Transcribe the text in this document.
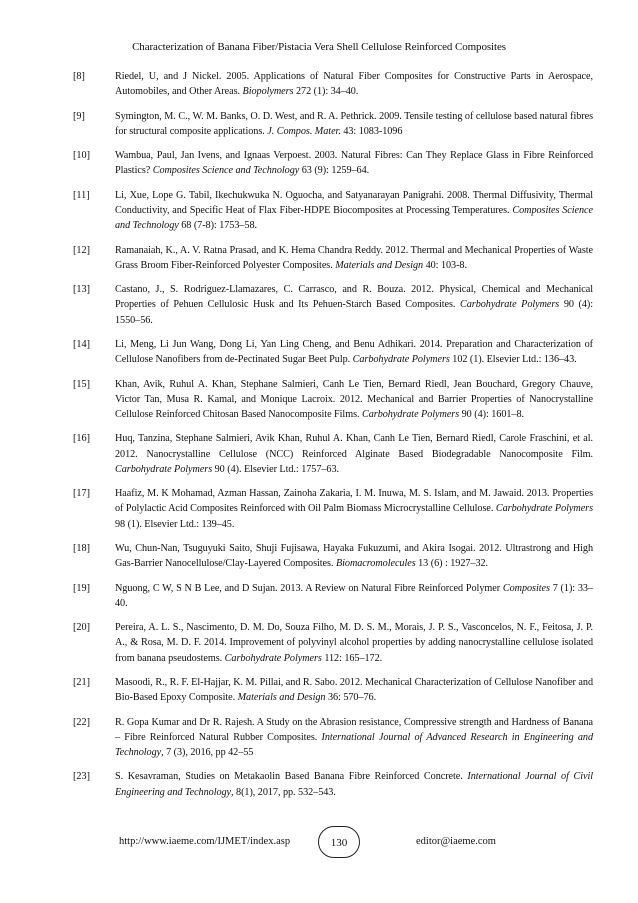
Characterization of Banana Fiber/Pistacia Vera Shell Cellulose Reinforced Composites
[8]	Riedel, U, and J Nickel. 2005. Applications of Natural Fiber Composites for Constructive Parts in Aerospace, Automobiles, and Other Areas. Biopolymers 272 (1): 34–40.
[9]	Symington, M. C., W. M. Banks, O. D. West, and R. A. Pethrick. 2009. Tensile testing of cellulose based natural fibres for structural composite applications. J. Compos. Mater. 43: 1083-1096
[10]	Wambua, Paul, Jan Ivens, and Ignaas Verpoest. 2003. Natural Fibres: Can They Replace Glass in Fibre Reinforced Plastics? Composites Science and Technology 63 (9): 1259–64.
[11]	Li, Xue, Lope G. Tabil, Ikechukwuka N. Oguocha, and Satyanarayan Panigrahi. 2008. Thermal Diffusivity, Thermal Conductivity, and Specific Heat of Flax Fiber-HDPE Biocomposites at Processing Temperatures. Composites Science and Technology 68 (7-8): 1753–58.
[12]	Ramanaiah, K., A. V. Ratna Prasad, and K. Hema Chandra Reddy. 2012. Thermal and Mechanical Properties of Waste Grass Broom Fiber-Reinforced Polyester Composites. Materials and Design 40: 103-8.
[13]	Castano, J., S. Rodriguez-Llamazares, C. Carrasco, and R. Bouza. 2012. Physical, Chemical and Mechanical Properties of Pehuen Cellulosic Husk and Its Pehuen-Starch Based Composites. Carbohydrate Polymers 90 (4): 1550–56.
[14]	Li, Meng, Li Jun Wang, Dong Li, Yan Ling Cheng, and Benu Adhikari. 2014. Preparation and Characterization of Cellulose Nanofibers from de-Pectinated Sugar Beet Pulp. Carbohydrate Polymers 102 (1). Elsevier Ltd.: 136–43.
[15]	Khan, Avik, Ruhul A. Khan, Stephane Salmieri, Canh Le Tien, Bernard Riedl, Jean Bouchard, Gregory Chauve, Victor Tan, Musa R. Kamal, and Monique Lacroix. 2012. Mechanical and Barrier Properties of Nanocrystalline Cellulose Reinforced Chitosan Based Nanocomposite Films. Carbohydrate Polymers 90 (4): 1601–8.
[16]	Huq, Tanzina, Stephane Salmieri, Avik Khan, Ruhul A. Khan, Canh Le Tien, Bernard Riedl, Carole Fraschini, et al. 2012. Nanocrystalline Cellulose (NCC) Reinforced Alginate Based Biodegradable Nanocomposite Film. Carbohydrate Polymers 90 (4). Elsevier Ltd.: 1757–63.
[17]	Haafiz, M. K Mohamad, Azman Hassan, Zainoha Zakaria, I. M. Inuwa, M. S. Islam, and M. Jawaid. 2013. Properties of Polylactic Acid Composites Reinforced with Oil Palm Biomass Microcrystalline Cellulose. Carbohydrate Polymers 98 (1). Elsevier Ltd.: 139–45.
[18]	Wu, Chun-Nan, Tsuguyuki Saito, Shuji Fujisawa, Hayaka Fukuzumi, and Akira Isogai. 2012. Ultrastrong and High Gas-Barrier Nanocellulose/Clay-Layered Composites. Biomacromolecules 13 (6) : 1927–32.
[19]	Nguong, C W, S N B Lee, and D Sujan. 2013. A Review on Natural Fibre Reinforced Polymer Composites 7 (1): 33–40.
[20]	Pereira, A. L. S., Nascimento, D. M. Do, Souza Filho, M. D. S. M., Morais, J. P. S., Vasconcelos, N. F., Feitosa, J. P. A., & Rosa, M. D. F. 2014. Improvement of polyvinyl alcohol properties by adding nanocrystalline cellulose isolated from banana pseudostems. Carbohydrate Polymers 112: 165–172.
[21]	Masoodi, R., R. F. El-Hajjar, K. M. Pillai, and R. Sabo. 2012. Mechanical Characterization of Cellulose Nanofiber and Bio-Based Epoxy Composite. Materials and Design 36: 570–76.
[22]	R. Gopa Kumar and Dr R. Rajesh. A Study on the Abrasion resistance, Compressive strength and Hardness of Banana – Fibre Reinforced Natural Rubber Composites. International Journal of Advanced Research in Engineering and Technology, 7 (3), 2016, pp 42–55
[23]	S. Kesavraman, Studies on Metakaolin Based Banana Fibre Reinforced Concrete. International Journal of Civil Engineering and Technology, 8(1), 2017, pp. 532–543.
http://www.iaeme.com/IJMET/index.asp	130	editor@iaeme.com
